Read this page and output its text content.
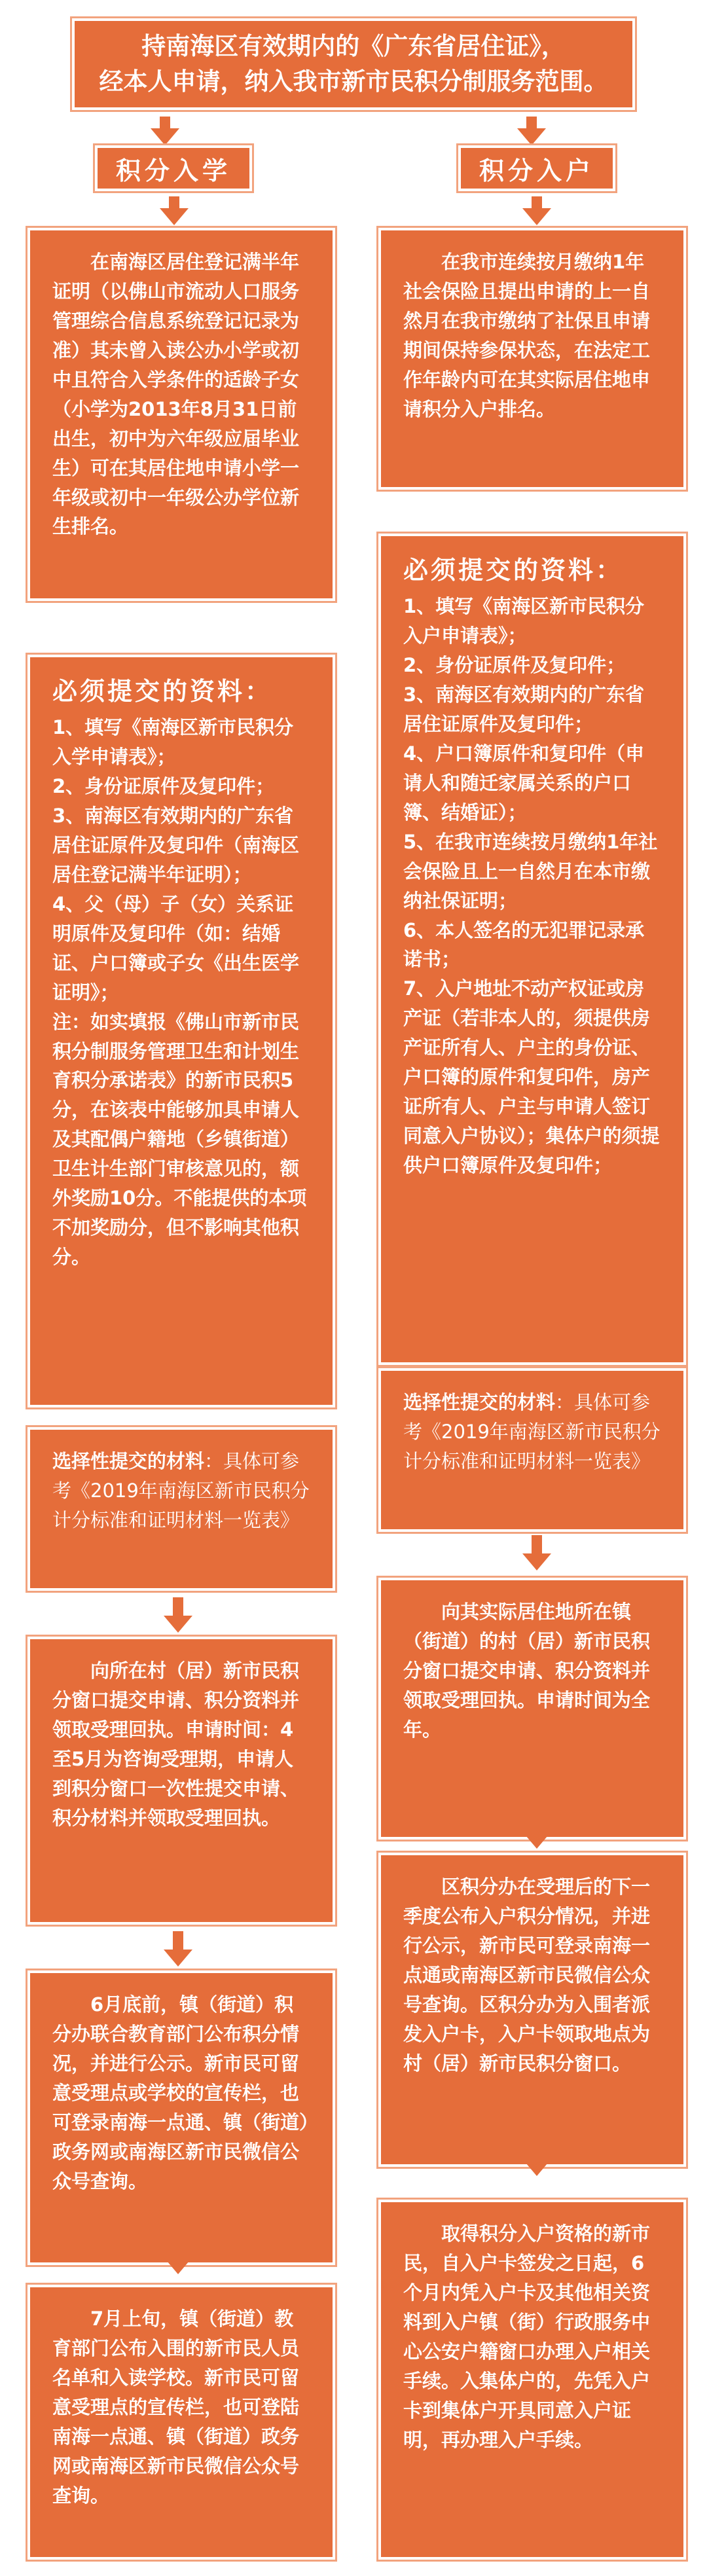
持南海区有效期内的《广东省居住证》，
经本人申请，纳入我市新市民积分制服务范围。
积分入学	积分入户
在南海区居住登记满半年证明（以佛山市流动人口服务管理综合信息系统登记记录为准）其未曾入读公办小学或初中且符合入学条件的适龄子女（小学为2013年8月31日前出生，初中为六年级应届毕业生）可在其居住地申请小学一年级或初中一年级公办学位新生排名。
必须提交的资料：
1、填写《南海区新市民积分入学申请表》；
2、身份证原件及复印件；
3、南海区有效期内的广东省居住证原件及复印件（南海区居住登记满半年证明）；
4、父（母）子（女）关系证明原件及复印件（如：结婚证、户口簿或子女《出生医学证明》；
注：如实填报《佛山市新市民积分制服务管理卫生和计划生育积分承诺表》的新市民积5分，在该表中能够加具申请人及其配偶户籍地（乡镇街道）卫生计生部门审核意见的，额外奖励10分。不能提供的本项不加奖励分，但不影响其他积分。
选择性提交的材料：具体可参考《2019年南海区新市民积分计分标准和证明材料一览表》
向所在村（居）新市民积分窗口提交申请、积分资料并领取受理回执。申请时间：4至5月为咨询受理期，申请人到积分窗口一次性提交申请、积分材料并领取受理回执。
6月底前，镇（街道）积分办联合教育部门公布积分情况，并进行公示。新市民可留意受理点或学校的宣传栏，也可登录南海一点通、镇（街道）政务网或南海区新市民微信公众号查询。
7月上旬，镇（街道）教育部门公布入围的新市民人员名单和入读学校。新市民可留意受理点的宣传栏，也可登陆南海一点通、镇（街道）政务网或南海区新市民微信公众号查询。
在我市连续按月缴纳1年社会保险且提出申请的上一自然月在我市缴纳了社保且申请期间保持参保状态，在法定工作年龄内可在其实际居住地申请积分入户排名。
必须提交的资料：
1、填写《南海区新市民积分入户申请表》；
2、身份证原件及复印件；
3、南海区有效期内的广东省居住证原件及复印件；
4、户口簿原件和复印件（申请人和随迁家属关系的户口簿、结婚证）；
5、在我市连续按月缴纳1年社会保险且上一自然月在本市缴纳社保证明；
6、本人签名的无犯罪记录承诺书；
7、入户地址不动产权证或房产证（若非本人的，须提供房产证所有人、户主的身份证、户口簿的原件和复印件，房产证所有人、户主与申请人签订同意入户协议）；集体户的须提供户口簿原件及复印件；
选择性提交的材料：具体可参考《2019年南海区新市民积分计分标准和证明材料一览表》
向其实际居住地所在镇（街道）的村（居）新市民积分窗口提交申请、积分资料并领取受理回执。申请时间为全年。
区积分办在受理后的下一季度公布入户积分情况，并进行公示，新市民可登录南海一点通或南海区新市民微信公众号查询。区积分办为入围者派发入户卡，入户卡领取地点为村（居）新市民积分窗口。
取得积分入户资格的新市民，自入户卡签发之日起，6个月内凭入户卡及其他相关资料到入户镇（街）行政服务中心公安户籍窗口办理入户相关手续。入集体户的，先凭入户卡到集体户开具同意入户证明，再办理入户手续。
